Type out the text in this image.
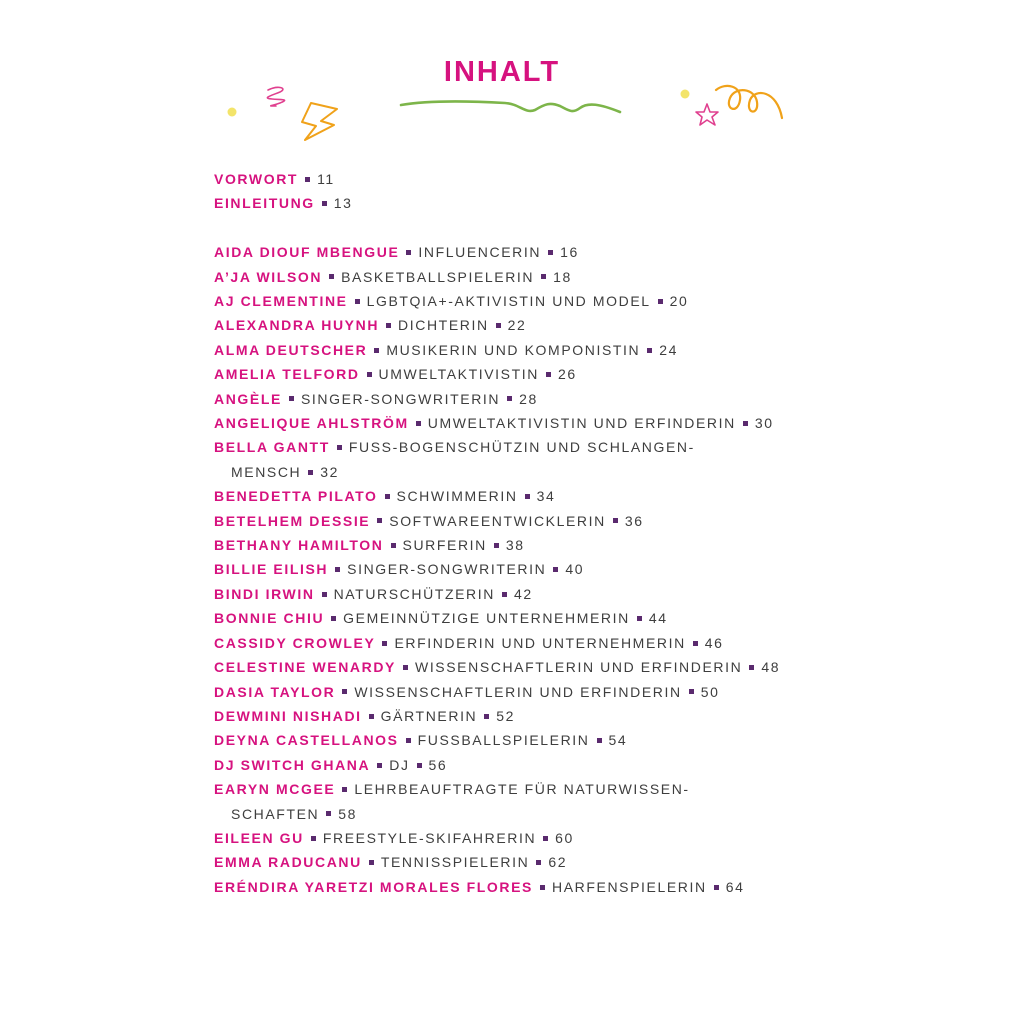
INHALT

VORWORT 11

EINLEITUNG 13

AIDA DIOUF MBENGUE INFLUENCERIN 16

A’JA WILSON BASKETBALLSPIELERIN 18

AJ CLEMENTINE LGBTQIA+-AKTIVISTIN UND MODEL 20

ALEXANDRA HUYNH DICHTERIN 22

ALMA DEUTSCHER MUSIKERIN UND KOMPONISTIN 24

AMELIA TELFORD UMWELTAKTIVISTIN 26

ANGÈLE SINGER-SONGWRITERIN 28

ANGELIQUE AHLSTRÖM UMWELTAKTIVISTIN UND ERFINDERIN 30

BELLA GANTT FUSS-BOGENSCHÜTZIN UND SCHLANGEN-
MENSCH 32

BENEDETTA PILATO SCHWIMMERIN 34

BETELHEM DESSIE SOFTWAREENTWICKLERIN 36

BETHANY HAMILTON SURFERIN 38

BILLIE EILISH SINGER-SONGWRITERIN 40

BINDI IRWIN NATURSCHÜTZERIN 42

BONNIE CHIU GEMEINNÜTZIGE UNTERNEHMERIN 44

CASSIDY CROWLEY ERFINDERIN UND UNTERNEHMERIN 46

CELESTINE WENARDY WISSENSCHAFTLERIN UND ERFINDERIN 48

DASIA TAYLOR WISSENSCHAFTLERIN UND ERFINDERIN 50

DEWMINI NISHADI GÄRTNERIN 52

DEYNA CASTELLANOS FUSSBALLSPIELERIN 54

DJ SWITCH GHANA DJ 56

EARYN MCGEE LEHRBEAUFTRAGTE FÜR NATURWISSEN-
SCHAFTEN 58

EILEEN GU FREESTYLE-SKIFAHRERIN 60

EMMA RADUCANU TENNISSPIELERIN 62

ERÉNDIRA YARETZI MORALES FLORES HARFENSPIELERIN 64
